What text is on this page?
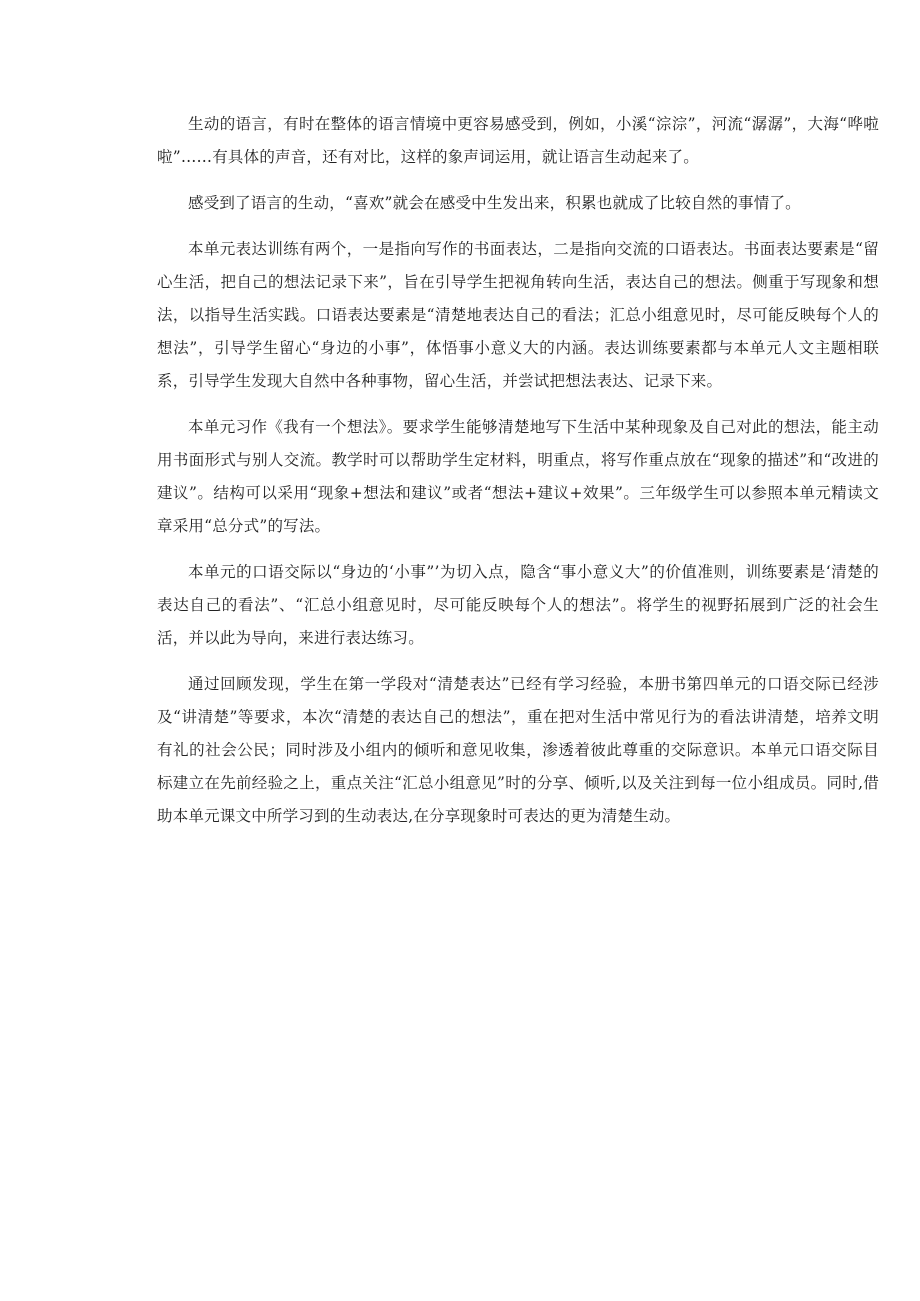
生动的语言，有时在整体的语言情境中更容易感受到，例如，小溪“淙淙”，河流“潺潺”，大海“哗啦啦”……有具体的声音，还有对比，这样的象声词运用，就让语言生动起来了。

感受到了语言的生动，“喜欢”就会在感受中生发出来，积累也就成了比较自然的事情了。

本单元表达训练有两个，一是指向写作的书面表达，二是指向交流的口语表达。书面表达要素是“留心生活，把自己的想法记录下来”，旨在引导学生把视角转向生活，表达自己的想法。侧重于写现象和想法，以指导生活实践。口语表达要素是“清楚地表达自己的看法；汇总小组意见时，尽可能反映每个人的想法”，引导学生留心“身边的小事”，体悟事小意义大的内涵。表达训练要素都与本单元人文主题相联系，引导学生发现大自然中各种事物，留心生活，并尝试把想法表达、记录下来。

本单元习作《我有一个想法》。要求学生能够清楚地写下生活中某种现象及自己对此的想法，能主动用书面形式与别人交流。教学时可以帮助学生定材料，明重点，将写作重点放在“现象的描述”和“改进的建议”。结构可以采用“现象+想法和建议”或者“想法+建议+效果”。三年级学生可以参照本单元精读文章采用“总分式”的写法。

本单元的口语交际以“身边的‘小事”’为切入点，隐含“事小意义大”的价值准则，训练要素是‘清楚的表达自己的看法”、“汇总小组意见时，尽可能反映每个人的想法”。将学生的视野拓展到广泛的社会生活，并以此为导向，来进行表达练习。

通过回顾发现，学生在第一学段对“清楚表达”已经有学习经验，本册书第四单元的口语交际已经涉及“讲清楚”等要求，本次“清楚的表达自己的想法”，重在把对生活中常见行为的看法讲清楚，培养文明有礼的社会公民；同时涉及小组内的倾听和意见收集，渗透着彼此尊重的交际意识。本单元口语交际目标建立在先前经验之上，重点关注“汇总小组意见”时的分享、倾听,以及关注到每一位小组成员。同时,借助本单元课文中所学习到的生动表达,在分享现象时可表达的更为清楚生动。
